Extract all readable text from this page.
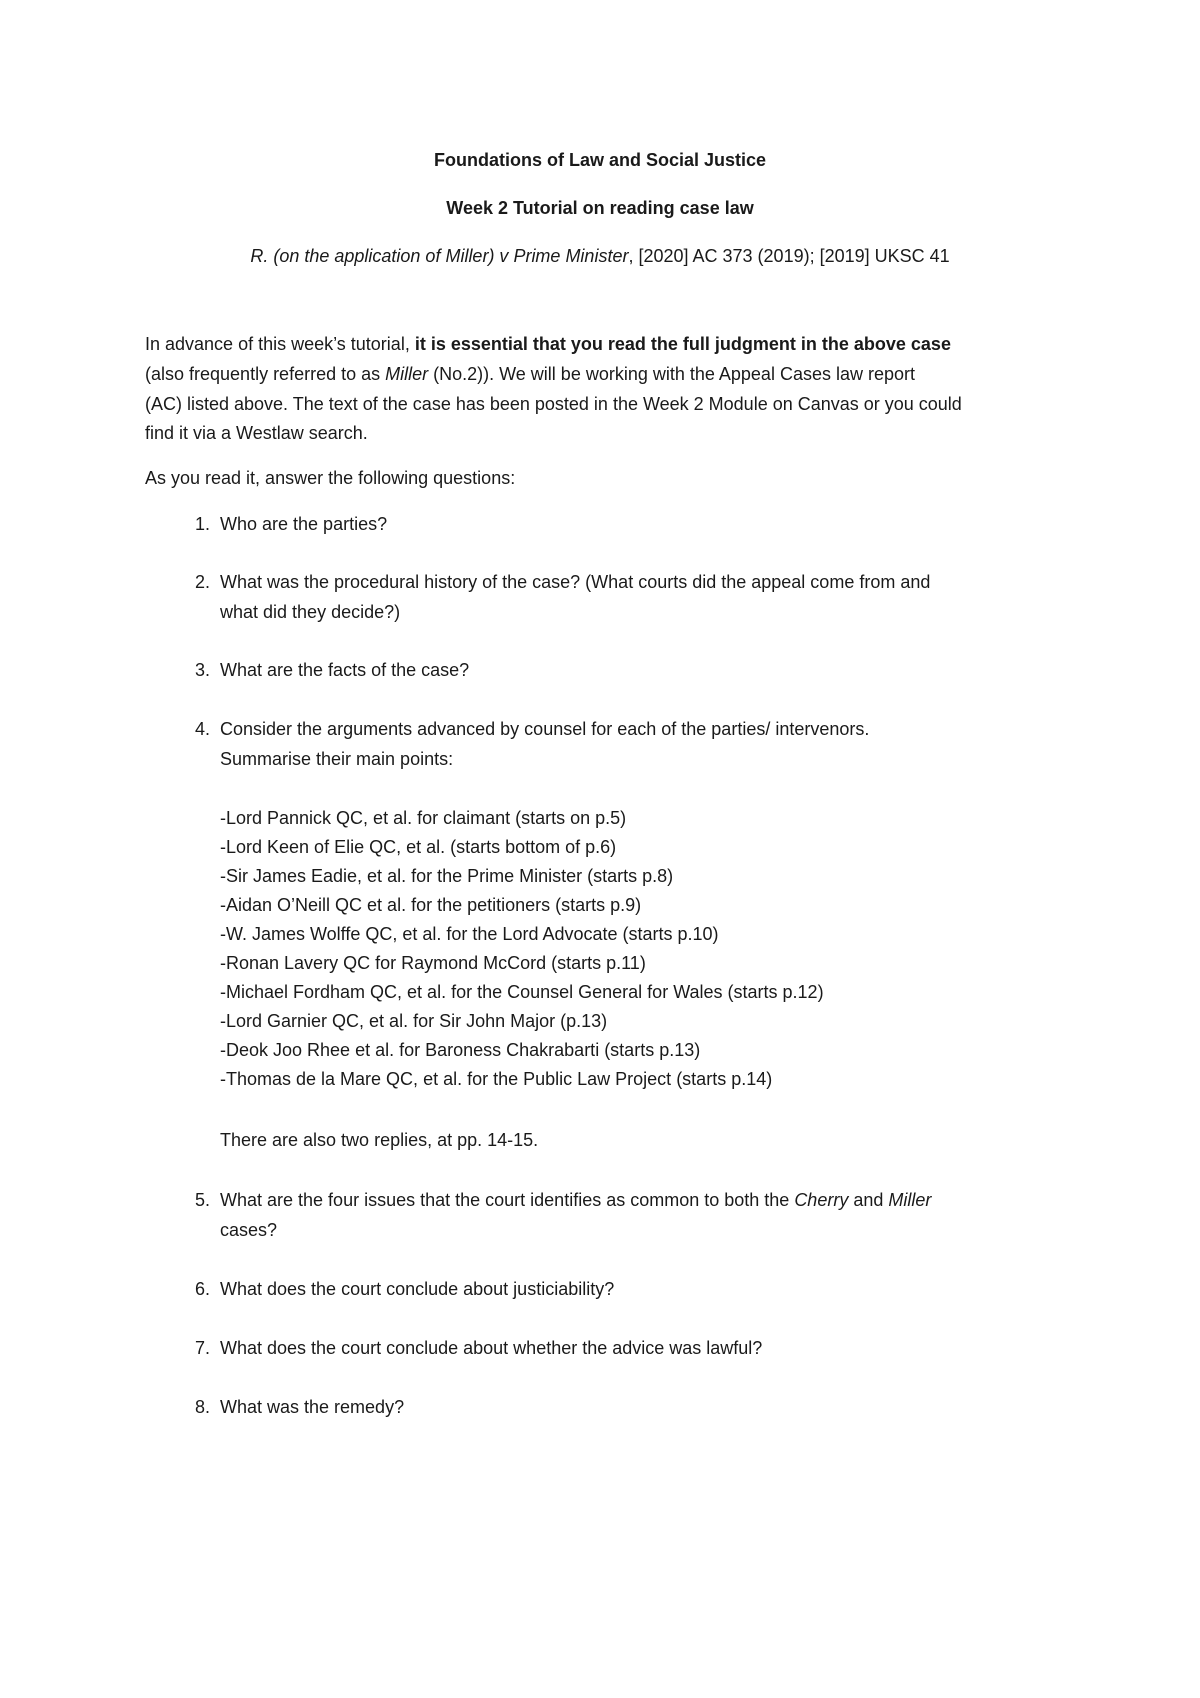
Foundations of Law and Social Justice
Week 2 Tutorial on reading case law
R. (on the application of Miller) v Prime Minister, [2020] AC 373 (2019); [2019] UKSC 41
In advance of this week’s tutorial, it is essential that you read the full judgment in the above case
(also frequently referred to as Miller (No.2)). We will be working with the Appeal Cases law report
(AC) listed above. The text of the case has been posted in the Week 2 Module on Canvas or you could
find it via a Westlaw search.
As you read it, answer the following questions:
1. Who are the parties?
2. What was the procedural history of the case? (What courts did the appeal come from and
what did they decide?)
3. What are the facts of the case?
4. Consider the arguments advanced by counsel for each of the parties/ intervenors.
Summarise their main points:
-Lord Pannick QC, et al. for claimant (starts on p.5)
-Lord Keen of Elie QC, et al. (starts bottom of p.6)
-Sir James Eadie, et al. for the Prime Minister (starts p.8)
-Aidan O’Neill QC et al. for the petitioners (starts p.9)
-W. James Wolffe QC, et al. for the Lord Advocate (starts p.10)
-Ronan Lavery QC for Raymond McCord (starts p.11)
-Michael Fordham QC, et al. for the Counsel General for Wales (starts p.12)
-Lord Garnier QC, et al. for Sir John Major (p.13)
-Deok Joo Rhee et al. for Baroness Chakrabarti (starts p.13)
-Thomas de la Mare QC, et al. for the Public Law Project (starts p.14)
There are also two replies, at pp. 14-15.
5. What are the four issues that the court identifies as common to both the Cherry and Miller
cases?
6. What does the court conclude about justiciability?
7. What does the court conclude about whether the advice was lawful?
8. What was the remedy?
